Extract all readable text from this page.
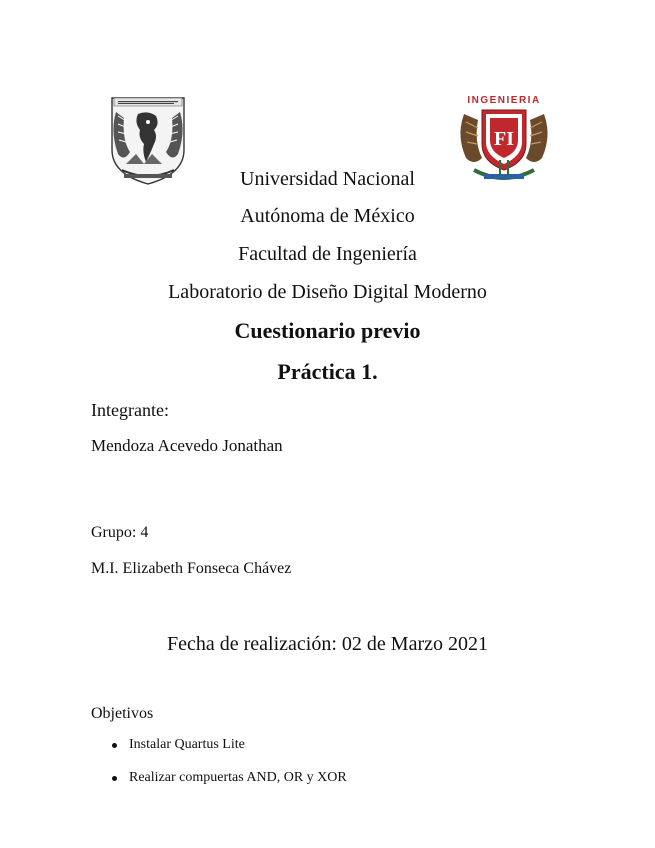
INGENIERIA
FI
Universidad Nacional
Autónoma de México
Facultad de Ingeniería
Laboratorio de Diseño Digital Moderno
Cuestionario previo
Práctica 1.
Integrante:
Mendoza Acevedo Jonathan
Grupo: 4
M.I. Elizabeth Fonseca Chávez
Fecha de realización: 02 de Marzo 2021
Objetivos
Instalar Quartus Lite
Realizar compuertas AND, OR y XOR
